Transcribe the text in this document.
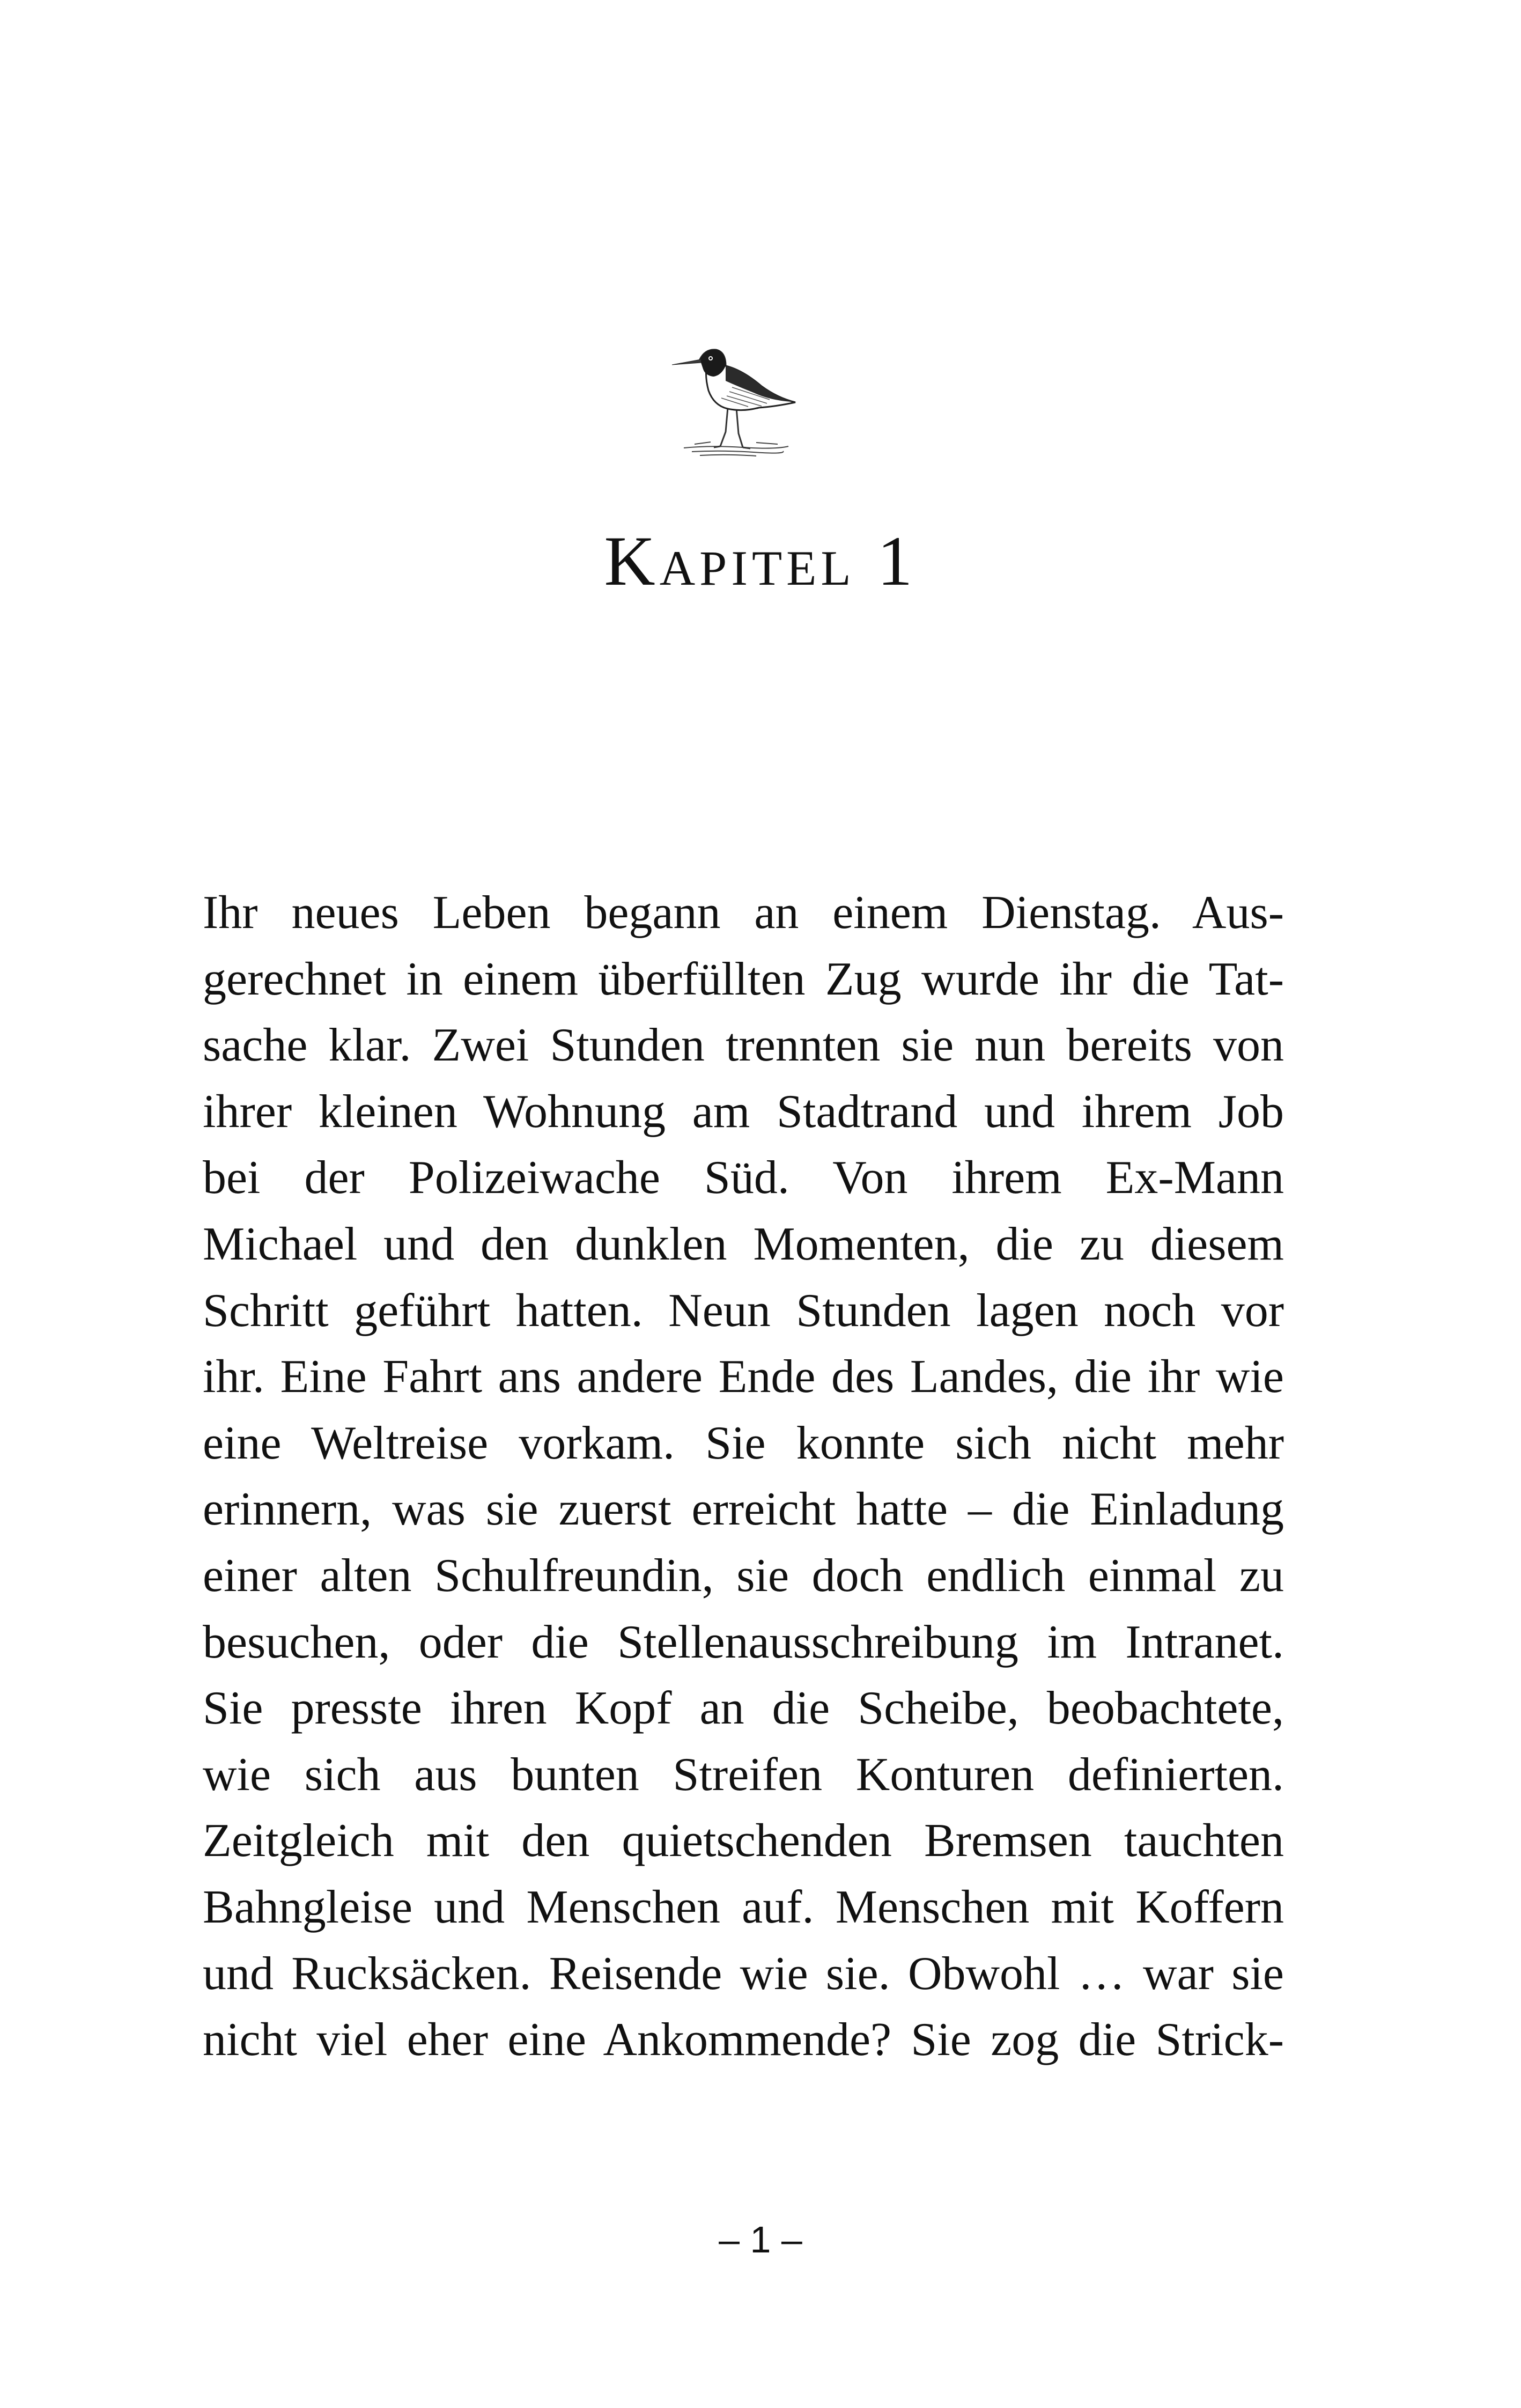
Kapitel 1
Ihr neues Leben begann an einem Dienstag. Aus-
gerechnet in einem überfüllten Zug wurde ihr die Tat-
sache klar. Zwei Stunden trennten sie nun bereits von
ihrer kleinen Wohnung am Stadtrand und ihrem Job
bei der Polizeiwache Süd. Von ihrem Ex-Mann
Michael und den dunklen Momenten, die zu diesem
Schritt geführt hatten. Neun Stunden lagen noch vor
ihr. Eine Fahrt ans andere Ende des Landes, die ihr wie
eine Weltreise vorkam. Sie konnte sich nicht mehr
erinnern, was sie zuerst erreicht hatte – die Einladung
einer alten Schulfreundin, sie doch endlich einmal zu
besuchen, oder die Stellenausschreibung im Intranet.
Sie presste ihren Kopf an die Scheibe, beobachtete,
wie sich aus bunten Streifen Konturen definierten.
Zeitgleich mit den quietschenden Bremsen tauchten
Bahngleise und Menschen auf. Menschen mit Koffern
und Rucksäcken. Reisende wie sie. Obwohl … war sie
nicht viel eher eine Ankommende? Sie zog die Strick-
– 1 –
